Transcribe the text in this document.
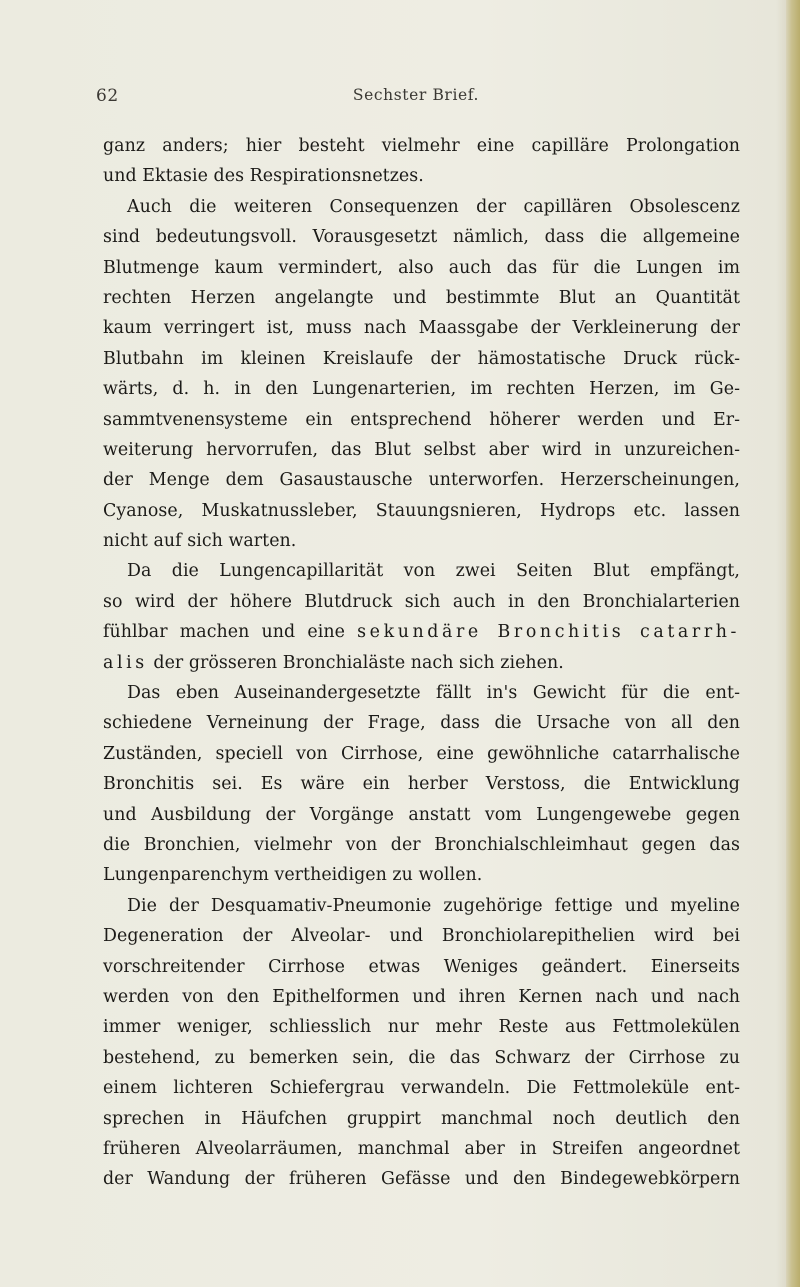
62	Sechster Brief.
ganz anders; hier besteht vielmehr eine capilläre Prolongation
und Ektasie des Respirationsnetzes.
Auch die weiteren Consequenzen der capillären Obsolescenz
sind bedeutungsvoll. Vorausgesetzt nämlich, dass die allgemeine
Blutmenge kaum vermindert, also auch das für die Lungen im
rechten Herzen angelangte und bestimmte Blut an Quantität
kaum verringert ist, muss nach Maassgabe der Verkleinerung der
Blutbahn im kleinen Kreislaufe der hämostatische Druck rück-
wärts, d. h. in den Lungenarterien, im rechten Herzen, im Ge-
sammtvenensysteme ein entsprechend höherer werden und Er-
weiterung hervorrufen, das Blut selbst aber wird in unzureichen-
der Menge dem Gasaustausche unterworfen. Herzerscheinungen,
Cyanose, Muskatnussleber, Stauungsnieren, Hydrops etc. lassen
nicht auf sich warten.
Da die Lungencapillarität von zwei Seiten Blut empfängt,
so wird der höhere Blutdruck sich auch in den Bronchialarterien
fühlbar machen und eine sekundäre Bronchitis catarrh-
alis der grösseren Bronchialäste nach sich ziehen.
Das eben Auseinandergesetzte fällt in's Gewicht für die ent-
schiedene Verneinung der Frage, dass die Ursache von all den
Zuständen, speciell von Cirrhose, eine gewöhnliche catarrhalische
Bronchitis sei. Es wäre ein herber Verstoss, die Entwicklung
und Ausbildung der Vorgänge anstatt vom Lungengewebe gegen
die Bronchien, vielmehr von der Bronchialschleimhaut gegen das
Lungenparenchym vertheidigen zu wollen.
Die der Desquamativ-Pneumonie zugehörige fettige und myeline
Degeneration der Alveolar- und Bronchiolarepithelien wird bei
vorschreitender Cirrhose etwas Weniges geändert. Einerseits
werden von den Epithelformen und ihren Kernen nach und nach
immer weniger, schliesslich nur mehr Reste aus Fettmolekülen
bestehend, zu bemerken sein, die das Schwarz der Cirrhose zu
einem lichteren Schiefergrau verwandeln. Die Fettmoleküle ent-
sprechen in Häufchen gruppirt manchmal noch deutlich den
früheren Alveolarräumen, manchmal aber in Streifen angeordnet
der Wandung der früheren Gefässe und den Bindegewebkörpern
